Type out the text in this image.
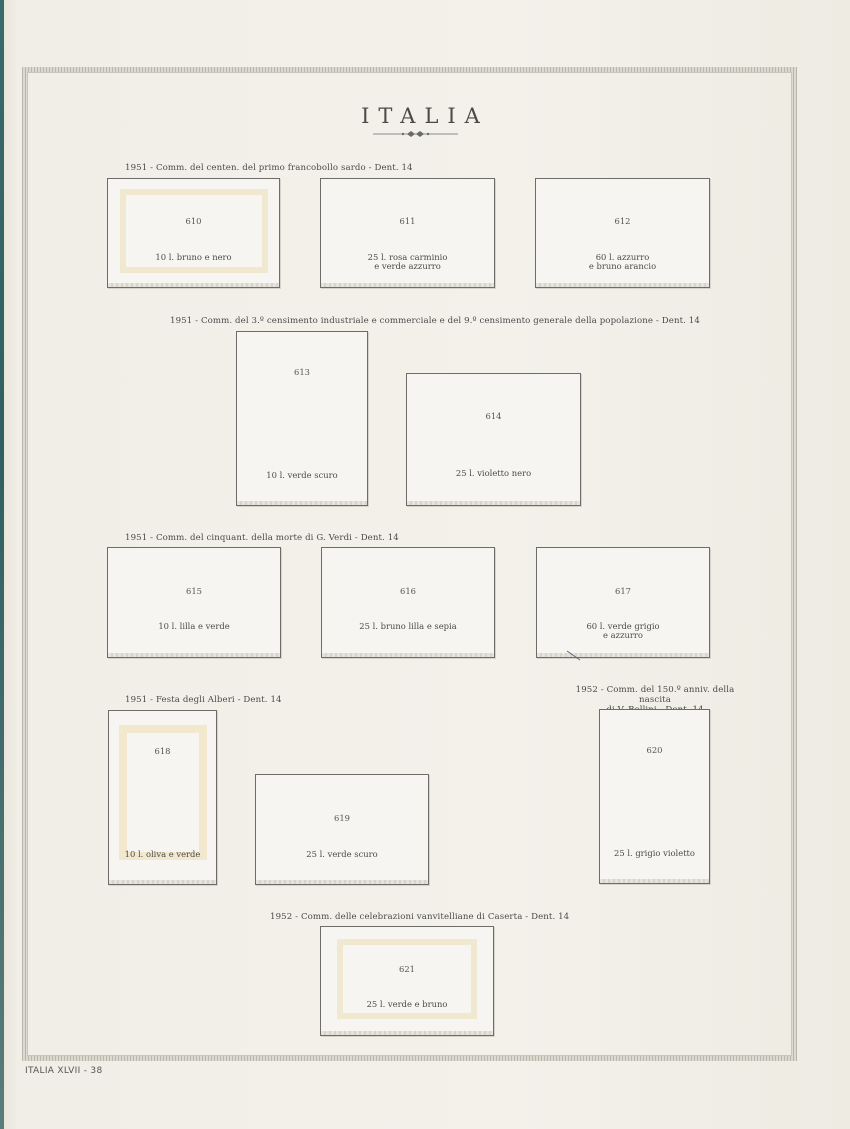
ITALIA
1951 - Comm. del centen. del primo francobollo sardo - Dent. 14
610
10 l. bruno e nero
611
25 l. rosa carminio
e verde azzurro
612
60 l. azzurro
e bruno arancio
1951 - Comm. del 3.º censimento industriale e commerciale e del 9.º censimento generale della popolazione - Dent. 14
613
10 l. verde scuro
614
25 l. violetto nero
1951 - Comm. del cinquant. della morte di G. Verdi - Dent. 14
615
10 l. lilla e verde
616
25 l. bruno lilla e sepia
617
60 l. verde grigio
e azzurro
1951 - Festa degli Alberi - Dent. 14
1952 - Comm. del 150.º anniv. della nascita
618
10 l. oliva e verde
619
25 l. verde scuro
620
25 l. grigio violetto
1952 - Comm. delle celebrazioni vanvitelliane di Caserta - Dent. 14
621
25 l. verde e bruno
ITALIA XLVII - 38
